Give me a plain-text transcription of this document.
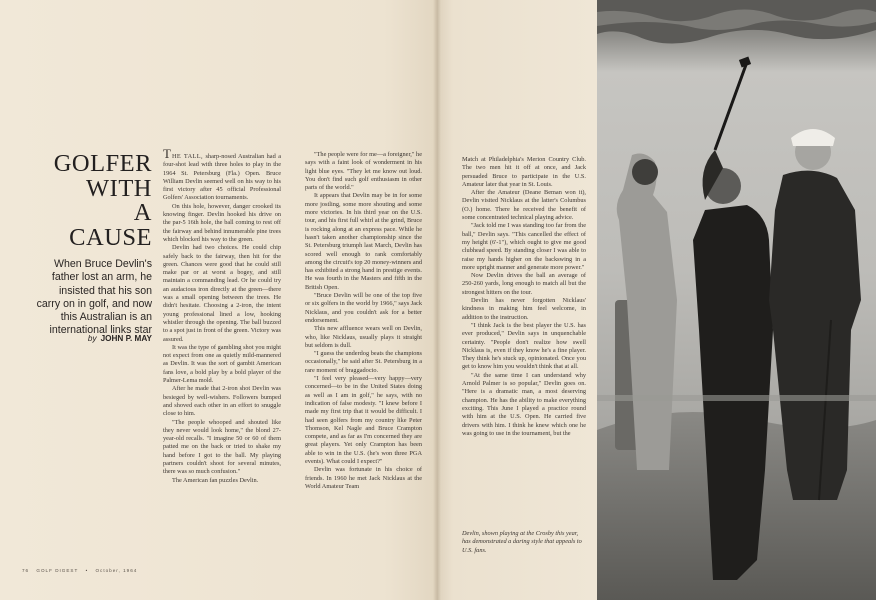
GOLFER
WITH
A
CAUSE
When Bruce Devlin's
father lost an arm, he
insisted that his son
carry on in golf, and now
this Australian is an
international links star
by JOHN P. MAY

THE TALL, sharp-nosed Australian had a four-shot lead with three holes to play in the 1964 St. Petersburg (Fla.) Open. Bruce William Devlin seemed well on his way to his first victory after 45 official Professional Golfers' Association tournaments.

On this hole, however, danger crooked its knowing finger. Devlin hooked his drive on the par-5 16th hole, the ball coming to rest off the fairway and behind innumerable pine trees which blocked his way to the green.

Devlin had two choices. He could chip safely back to the fairway, then hit for the green. Chances were good that he could still make par or at worst a bogey, and still maintain a commanding lead. Or he could try an audacious iron directly at the green—there was a small opening between the trees. He didn't hesitate. Choosing a 2-iron, the intent young professional lined a low, hooking whistler through the opening. The ball buzzed to a spot just in front of the green. Victory was assured.

It was the type of gambling shot you might not expect from one as quietly mild-mannered as Devlin. It was the sort of gambit American fans love, a bold play by a bold player of the Palmer-Lema mold.

After he made that 2-iron shot Devlin was besieged by well-wishers. Followers bumped and shoved each other in an effort to snuggle close to him.

"The people whooped and shouted like they never would look home," the blond 27-year-old recalls. "I imagine 50 or 60 of them patted me on the back or tried to shake my hand before I got to the ball. My playing partners couldn't shoot for several minutes, there was so much confusion."

The American fan puzzles Devlin.

"The people were for me—a foreigner," he says with a faint look of wonderment in his light blue eyes. "They let me know out loud. You don't find such golf enthusiasm in other parts of the world."

It appears that Devlin may be in for some more jostling, some more shouting and some more victories. In his third year on the U.S. tour, and his first full whirl at the grind, Bruce is rocking along at an express pace. While he hasn't taken another championship since the St. Petersburg triumph last March, Devlin has scored well enough to rank comfortably among the circuit's top 20 money-winners and has exhibited a strong hand in prestige events. He was fourth in the Masters and fifth in the British Open.

"Bruce Devlin will be one of the top five or six golfers in the world by 1966," says Jack Nicklaus, and you couldn't ask for a better endorsement.

This new affluence wears well on Devlin, who, like Nicklaus, usually plays it straight but seldom is dull.

"I guess the underdog beats the champions occasionally," he said after St. Petersburg in a rare moment of braggadocio.

"I feel very pleased—very happy—very concerned—to be in the United States doing as well as I am in golf," he says, with no indication of false modesty. "I knew before I made my first trip that it would be difficult. I had seen golfers from my country like Peter Thomson, Kel Nagle and Bruce Crampton compete, and as far as I'm concerned they are great players. Yet only Crampton has been able to win in the U.S. (he's won three PGA events). What could I expect?"

Devlin was fortunate in his choice of friends. In 1960 he met Jack Nicklaus at the World Amateur Team

Match at Philadelphia's Merion Country Club. The two men hit it off at once, and Jack persuaded Bruce to participate in the U.S. Amateur later that year in St. Louis.

After the Amateur (Deane Beman won it), Devlin visited Nicklaus at the latter's Columbus (O.) home. There he received the benefit of some concentrated technical playing advice.

"Jack told me I was standing too far from the ball," Devlin says. "This cancelled the effect of my height (6'-1"), which ought to give me good clubhead speed. By standing closer I was able to raise my hands higher on the backswing in a more upright manner and generate more power."

Now Devlin drives the ball an average of 250-260 yards, long enough to match all but the strongest hitters on the tour.

Devlin has never forgotten Nicklaus' kindness in making him feel welcome, in addition to the instruction.

"I think Jack is the best player the U.S. has ever produced," Devlin says in unquenchable certainty. "People don't realize how swell Nicklaus is, even if they know he's a fine player. They think he's stuck up, opinionated. Once you get to know him you wouldn't think that at all.

"At the same time I can understand why Arnold Palmer is so popular," Devlin goes on. "Here is a dramatic man, a most deserving champion. He has the ability to make everything exciting. This June I played a practice round with him at the U.S. Open. He carried five drivers with him. I think he knew which one he was going to use in the tournament, but the

Devlin, shown playing at the Crosby this year, has demonstrated a daring style that appeals to U.S. fans.
76 GOLF DIGEST • October, 1964
